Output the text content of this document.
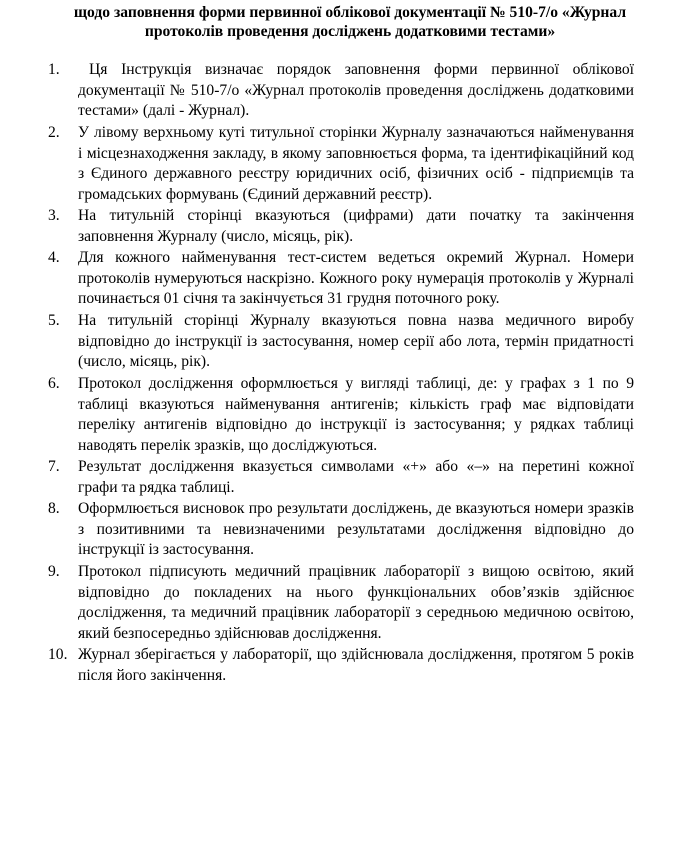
щодо заповнення форми первинної облікової документації № 510-7/о «Журнал
протоколів проведення досліджень додатковими тестами»
1.	Ця Інструкція визначає порядок заповнення форми первинної облікової документації № 510-7/о «Журнал протоколів проведення досліджень додатковими тестами» (далі - Журнал).
2. У лівому верхньому куті титульної сторінки Журналу зазначаються найменування і місцезнаходження закладу, в якому заповнюється форма, та ідентифікаційний код з Єдиного державного реєстру юридичних осіб, фізичних осіб - підприємців та громадських формувань (Єдиний державний реєстр).
3. На титульній сторінці вказуються (цифрами) дати початку та закінчення заповнення Журналу (число, місяць, рік).
4. Для кожного найменування тест-систем ведеться окремий Журнал. Номери протоколів нумеруються наскрізно. Кожного року нумерація протоколів у Журналі починається 01 січня та закінчується 31 грудня поточного року.
5. На титульній сторінці Журналу вказуються повна назва медичного виробу відповідно до інструкції із застосування, номер серії або лота, термін придатності (число, місяць, рік).
6. Протокол дослідження оформлюється у вигляді таблиці, де: у графах з 1 по 9 таблиці вказуються найменування антигенів; кількість граф має відповідати переліку антигенів відповідно до інструкції із застосування; у рядках таблиці наводять перелік зразків, що досліджуються.
7. Результат дослідження вказується символами «+» або «–» на перетині кожної графи та рядка таблиці.
8. Оформлюється висновок про результати досліджень, де вказуються номери зразків з позитивними та невизначеними результатами дослідження відповідно до інструкції із застосування.
9. Протокол підписують медичний працівник лабораторії з вищою освітою, який відповідно до покладених на нього функціональних обов’язків здійснює дослідження, та медичний працівник лабораторії з середньою медичною освітою, який безпосередньо здійснював дослідження.
10. Журнал зберігається у лабораторії, що здійснювала дослідження, протягом 5 років після його закінчення.
